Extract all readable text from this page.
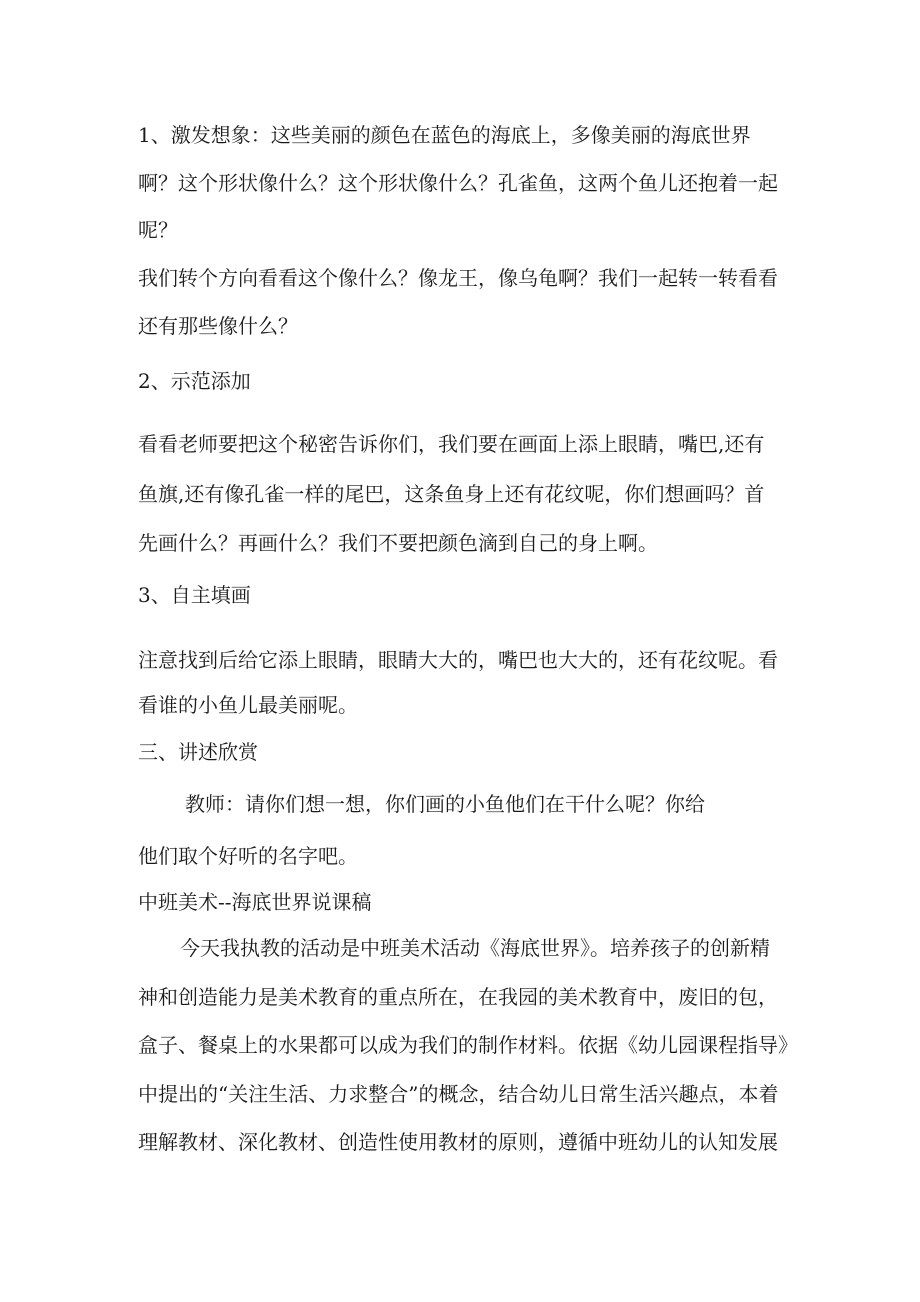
1、激发想象：这些美丽的颜色在蓝色的海底上，多像美丽的海底世界
啊？这个形状像什么？这个形状像什么？孔雀鱼，这两个鱼儿还抱着一起
呢？
我们转个方向看看这个像什么？像龙王，像乌龟啊？我们一起转一转看看
还有那些像什么？
2、示范添加
看看老师要把这个秘密告诉你们，我们要在画面上添上眼睛，嘴巴,还有
鱼旗,还有像孔雀一样的尾巴，这条鱼身上还有花纹呢，你们想画吗？首
先画什么？再画什么？我们不要把颜色滴到自己的身上啊。
3、自主填画
注意找到后给它添上眼睛，眼睛大大的，嘴巴也大大的，还有花纹呢。看
看谁的小鱼儿最美丽呢。
三、讲述欣赏
教师：请你们想一想，你们画的小鱼他们在干什么呢？你给
他们取个好听的名字吧。
中班美术--海底世界说课稿
今天我执教的活动是中班美术活动《海底世界》。培养孩子的创新精
神和创造能力是美术教育的重点所在，在我园的美术教育中，废旧的包，
盒子、餐桌上的水果都可以成为我们的制作材料。依据《幼儿园课程指导》
中提出的“关注生活、力求整合”的概念，结合幼儿日常生活兴趣点，本着
理解教材、深化教材、创造性使用教材的原则，遵循中班幼儿的认知发展
